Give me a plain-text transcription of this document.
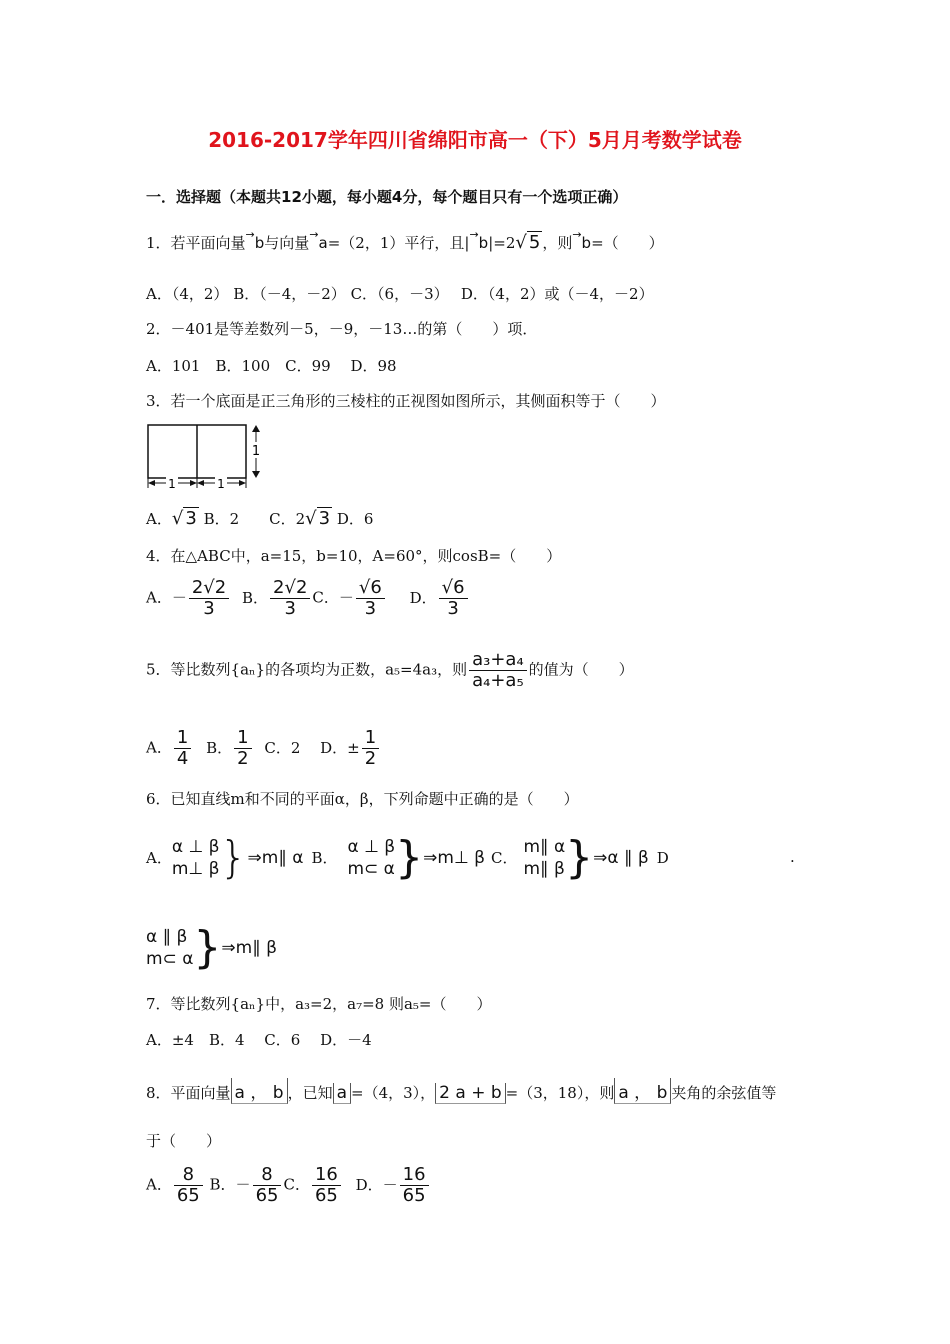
2016-2017学年四川省绵阳市高一（下）5月月考数学试卷
一．选择题（本题共12小题，每小题4分，每个题目只有一个选项正确）
1．若平面向量→b与向量→a=（2，1）平行，且|→b|=2√ 5 ，则→b=（　　）
A．（4，2） B．（－4，－2） C．（6，－3）　 D．（4，2）或（－4，－2）
2．－401是等差数列－5，－9，－13…的第（　　）项．
A．101　B．100　C．99　 D．98
3．若一个底面是正三角形的三棱柱的正视图如图所示，其侧面积等于（　　）
1
1	1
A．√ 3 B．2　　C．2√ 3 D．6
4．在△ABC中，a=15，b=10，A=60°，则cosB=（　　）
A．－ $\frac{2√2}{3}$ B． $\frac{2√2}{3}$ C．－ $\frac{√6}{3}$ D． $\frac{√6}{3}$
5．等比数列{aₙ}的各项均为正数，a₅=4a₃，则 $\frac{\text{a₃+a₄}}{\text{a₄+a₅}}$ 的值为（　　）
A． $\frac{1}{4}$ B． $\frac{1}{2}$ C．2　 D．± $\frac{1}{2}$
6．已知直线m和不同的平面α，β，下列命题中正确的是（　　）
A．
α ⊥ β
m⊥ β }⇒m∥ α B．
α ⊥ β
m⊂ α }⇒m⊥ β C．
m∥ α
m∥ β }⇒α ∥ β D	.
α ∥ β
m⊂ α }⇒m∥ β
7．等比数列{aₙ}中，a₃=2，a₇=8 则a₅=（　　）
A．±4　B．4　 C．6　 D．－4
8．平面向量 a ， b ，已知 a =（4，3）， 2 a + b =（3，18），则 a ， b 夹角的余弦值等
于（　　）
A． $\frac{8}{65}$ B．－ $\frac{8}{65}$ C． $\frac{16}{65}$ D．－ $\frac{16}{65}$
